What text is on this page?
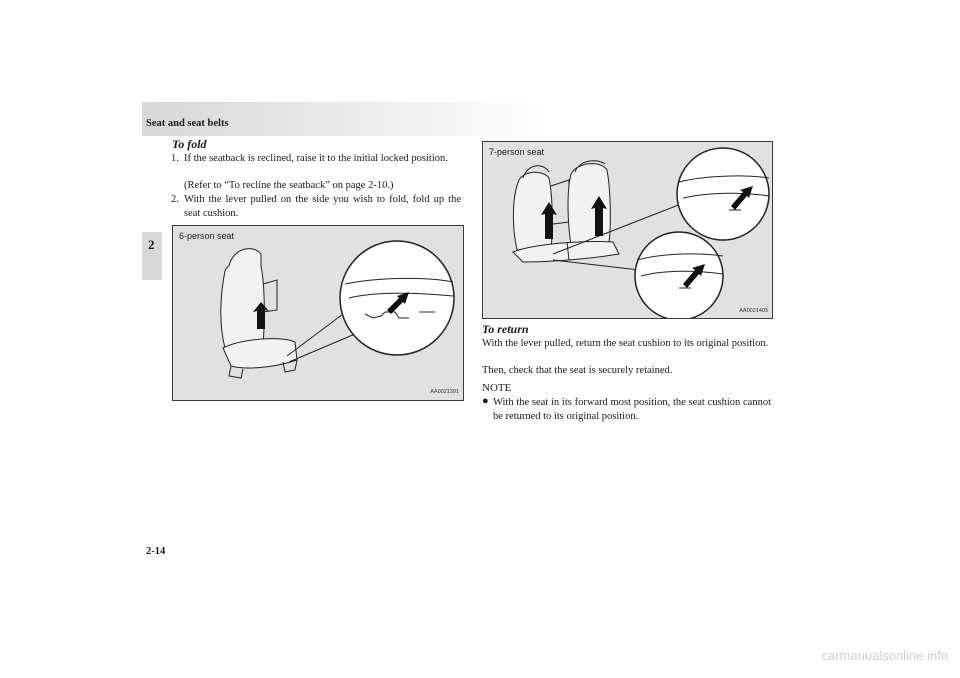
Seat and seat belts
2
To fold
1. If the seatback is reclined, raise it to the initial locked position.
(Refer to “To recline the seatback” on page 2-10.)
2. With the lever pulled on the side you wish to fold, fold up the seat cushion.
6-person seat
AA0021391
7-person seat
AA0021405
To return
With the lever pulled, return the seat cushion to its original position.
Then, check that the seat is securely retained.
NOTE
● With the seat in its forward most position, the seat cushion cannot be returned to its original position.
2-14
carmanualsonline.info
